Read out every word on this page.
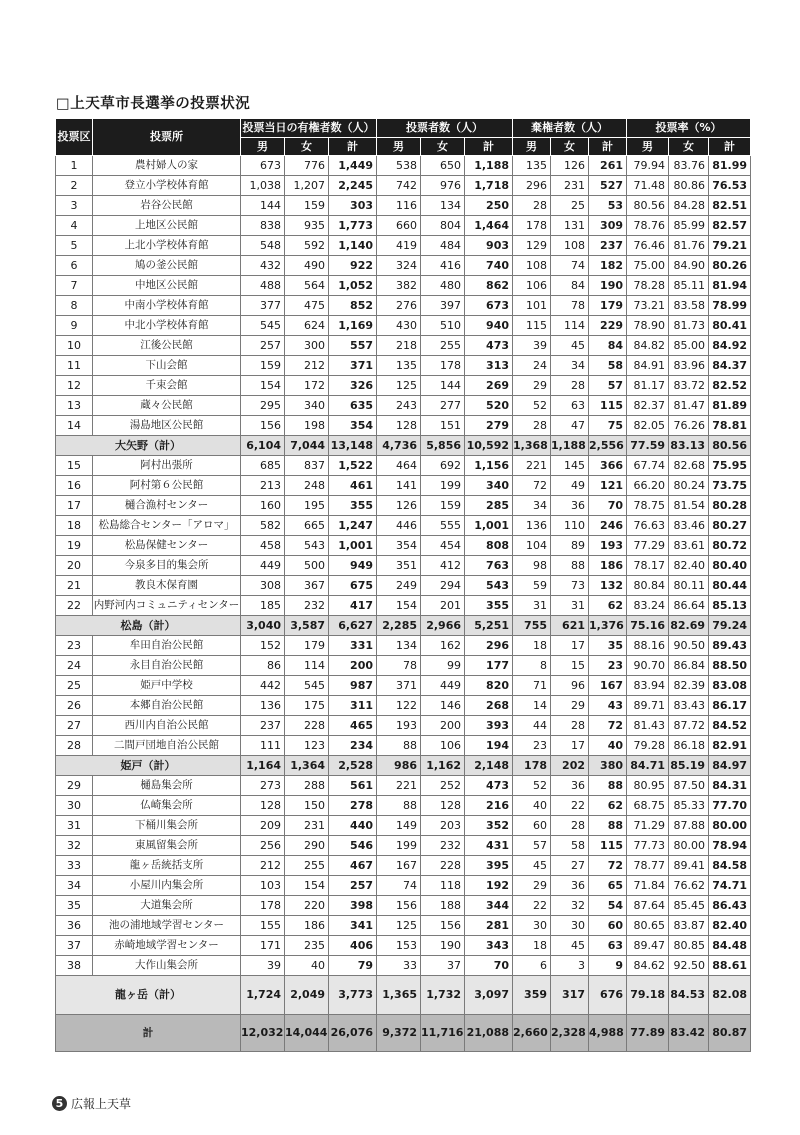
□上天草市長選挙の投票状況
投票区	投票所	投票当日の有権者数（人）			投票者数（人）			棄権者数（人）			投票率（%）		
		男	女	計	男	女	計	男	女	計	男	女	計
1	農村婦人の家	673	776	1,449	538	650	1,188	135	126	261	79.94	83.76	81.99
2	登立小学校体育館	1,038	1,207	2,245	742	976	1,718	296	231	527	71.48	80.86	76.53
3	岩谷公民館	144	159	303	116	134	250	28	25	53	80.56	84.28	82.51
4	上地区公民館	838	935	1,773	660	804	1,464	178	131	309	78.76	85.99	82.57
5	上北小学校体育館	548	592	1,140	419	484	903	129	108	237	76.46	81.76	79.21
6	鳩の釜公民館	432	490	922	324	416	740	108	74	182	75.00	84.90	80.26
7	中地区公民館	488	564	1,052	382	480	862	106	84	190	78.28	85.11	81.94
8	中南小学校体育館	377	475	852	276	397	673	101	78	179	73.21	83.58	78.99
9	中北小学校体育館	545	624	1,169	430	510	940	115	114	229	78.90	81.73	80.41
10	江後公民館	257	300	557	218	255	473	39	45	84	84.82	85.00	84.92
11	下山会館	159	212	371	135	178	313	24	34	58	84.91	83.96	84.37
12	千束会館	154	172	326	125	144	269	29	28	57	81.17	83.72	82.52
13	蔵々公民館	295	340	635	243	277	520	52	63	115	82.37	81.47	81.89
14	湯島地区公民館	156	198	354	128	151	279	28	47	75	82.05	76.26	78.81
大矢野（計）		6,104	7,044	13,148	4,736	5,856	10,592	1,368	1,188	2,556	77.59	83.13	80.56
15	阿村出張所	685	837	1,522	464	692	1,156	221	145	366	67.74	82.68	75.95
16	阿村第６公民館	213	248	461	141	199	340	72	49	121	66.20	80.24	73.75
17	樋合漁村センター	160	195	355	126	159	285	34	36	70	78.75	81.54	80.28
18	松島総合センター「アロマ」	582	665	1,247	446	555	1,001	136	110	246	76.63	83.46	80.27
19	松島保健センター	458	543	1,001	354	454	808	104	89	193	77.29	83.61	80.72
20	今泉多目的集会所	449	500	949	351	412	763	98	88	186	78.17	82.40	80.40
21	教良木保育園	308	367	675	249	294	543	59	73	132	80.84	80.11	80.44
22	内野河内コミュニティセンター	185	232	417	154	201	355	31	31	62	83.24	86.64	85.13
松島（計）		3,040	3,587	6,627	2,285	2,966	5,251	755	621	1,376	75.16	82.69	79.24
23	牟田自治公民館	152	179	331	134	162	296	18	17	35	88.16	90.50	89.43
24	永目自治公民館	86	114	200	78	99	177	8	15	23	90.70	86.84	88.50
25	姫戸中学校	442	545	987	371	449	820	71	96	167	83.94	82.39	83.08
26	本郷自治公民館	136	175	311	122	146	268	14	29	43	89.71	83.43	86.17
27	西川内自治公民館	237	228	465	193	200	393	44	28	72	81.43	87.72	84.52
28	二間戸団地自治公民館	111	123	234	88	106	194	23	17	40	79.28	86.18	82.91
姫戸（計）		1,164	1,364	2,528	986	1,162	2,148	178	202	380	84.71	85.19	84.97
29	樋島集会所	273	288	561	221	252	473	52	36	88	80.95	87.50	84.31
30	仏崎集会所	128	150	278	88	128	216	40	22	62	68.75	85.33	77.70
31	下桶川集会所	209	231	440	149	203	352	60	28	88	71.29	87.88	80.00
32	東風留集会所	256	290	546	199	232	431	57	58	115	77.73	80.00	78.94
33	龍ヶ岳統括支所	212	255	467	167	228	395	45	27	72	78.77	89.41	84.58
34	小屋川内集会所	103	154	257	74	118	192	29	36	65	71.84	76.62	74.71
35	大道集会所	178	220	398	156	188	344	22	32	54	87.64	85.45	86.43
36	池の浦地域学習センター	155	186	341	125	156	281	30	30	60	80.65	83.87	82.40
37	赤崎地域学習センター	171	235	406	153	190	343	18	45	63	89.47	80.85	84.48
38	大作山集会所	39	40	79	33	37	70	6	3	9	84.62	92.50	88.61
龍ヶ岳（計）		1,724	2,049	3,773	1,365	1,732	3,097	359	317	676	79.18	84.53	82.08
計		12,032	14,044	26,076	9,372	11,716	21,088	2,660	2,328	4,988	77.89	83.42	80.87
5 広報上天草
